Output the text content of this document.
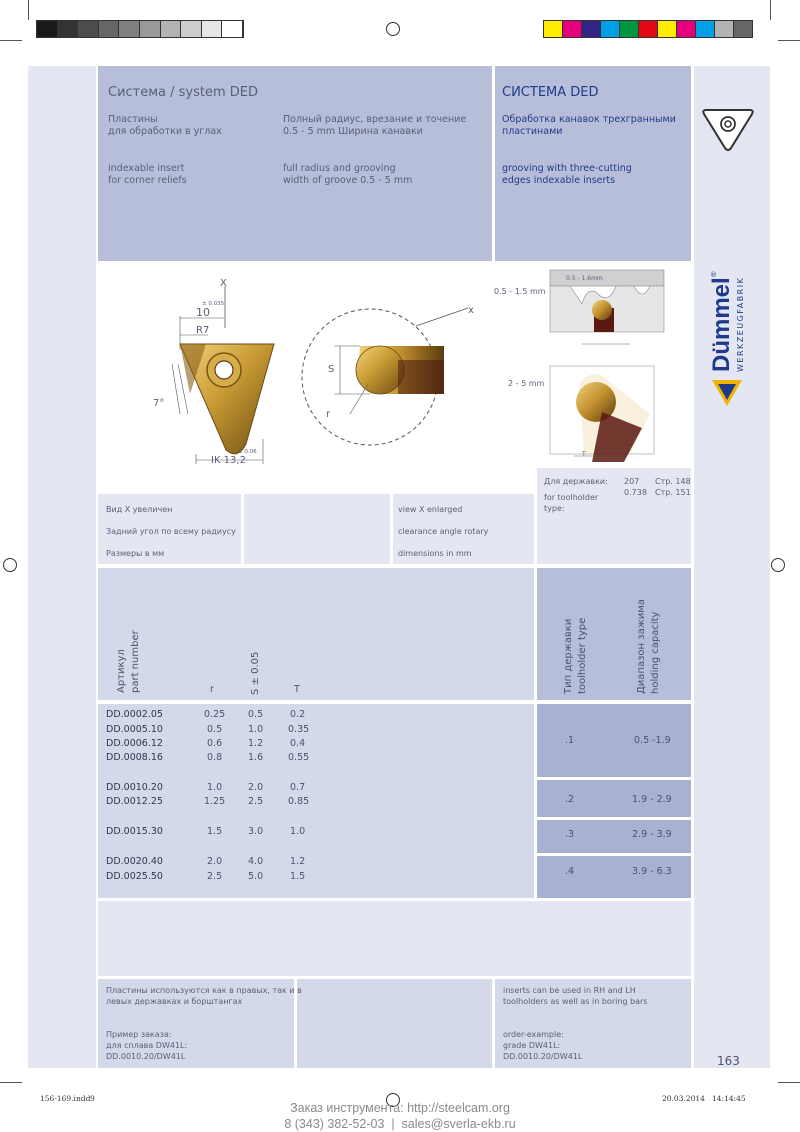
Система / system DED
Пластины
для обработки в углах
Полный радиус, врезание и точение
0.5 - 5 mm Ширина канавки
indexable insert
for corner reliefs
full radius and grooving
width of groove 0.5 - 5 mm
СИСТЕМА DED
Обработка канавок трехгранными
пластинами
grooving with three-cutting
edges indexable inserts
X
± 0.035
10
R7
7°
± 0.06
IK 13,2
S
r
x
0.5 - 1.5 mm
2 - 5 mm
0.5 - 1.6mm
T
Dümmel
®
WERKZEUGFABRIK
Для державки:
for toolholder
type:
207
0.738
Стр. 148
Стр. 151
Вид X увеличен
Задний угол по всему радиусу
Размеры в мм
view X enlarged
clearance angle rotary
dimensions in mm
Артикул part number	r	S ± 0.05	T	Тип державки toolholder type	Диапазон зажима holding capacity
DD.0002.05	0.25 0.5	0.2
DD.0005.10	0.5	1.0	0.35
DD.0006.12	0.6	1.2	0.4
DD.0008.16	0.8	1.6	0.55
DD.0010.20	1.0	2.0	0.7
DD.0012.25	1.25 2.5	0.85
DD.0015.30	1.5	3.0	1.0
DD.0020.40	2.0	4.0	1.2
DD.0025.50	2.5	5.0	1.5
.1	0.5 -1.9
.2	1.9 - 2.9
.3	2.9 - 3.9
.4	3.9 - 6.3
Пластины используются как в правых, так и в
левых державках и борштангах
Пример заказа:
для сплава DW41L:
DD.0010.20/DW41L
inserts can be used in RH and LH
toolholders as well as in boring bars
order-example:
grade DW41L:
DD.0010.20/DW41L	163
156-169.indd 9	20.03.2014 14:14:45
Заказ инструмента: http://steelcam.org
8 (343) 382-52-03  |  sales@sverla-ekb.ru
